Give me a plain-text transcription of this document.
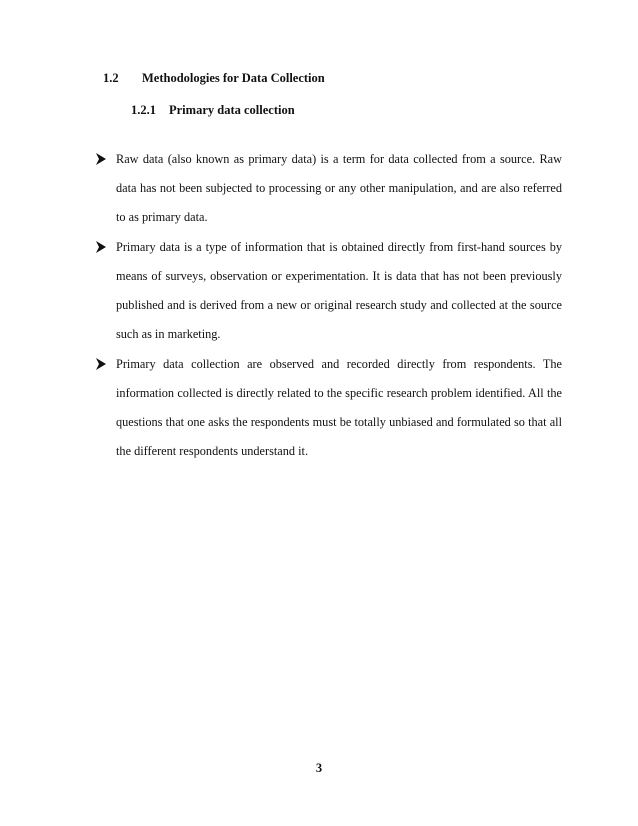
1.2 Methodologies for Data Collection
1.2.1 Primary data collection

Raw data (also known as primary data) is a term for data collected from a source. Raw data has not been subjected to processing or any other manipulation, and are also referred to as primary data.

Primary data is a type of information that is obtained directly from first-hand sources by means of surveys, observation or experimentation. It is data that has not been previously published and is derived from a new or original research study and collected at the source such as in marketing.

Primary data collection are observed and recorded directly from respondents. The information collected is directly related to the specific research problem identified. All the questions that one asks the respondents must be totally unbiased and formulated so that all the different respondents understand it.

3
